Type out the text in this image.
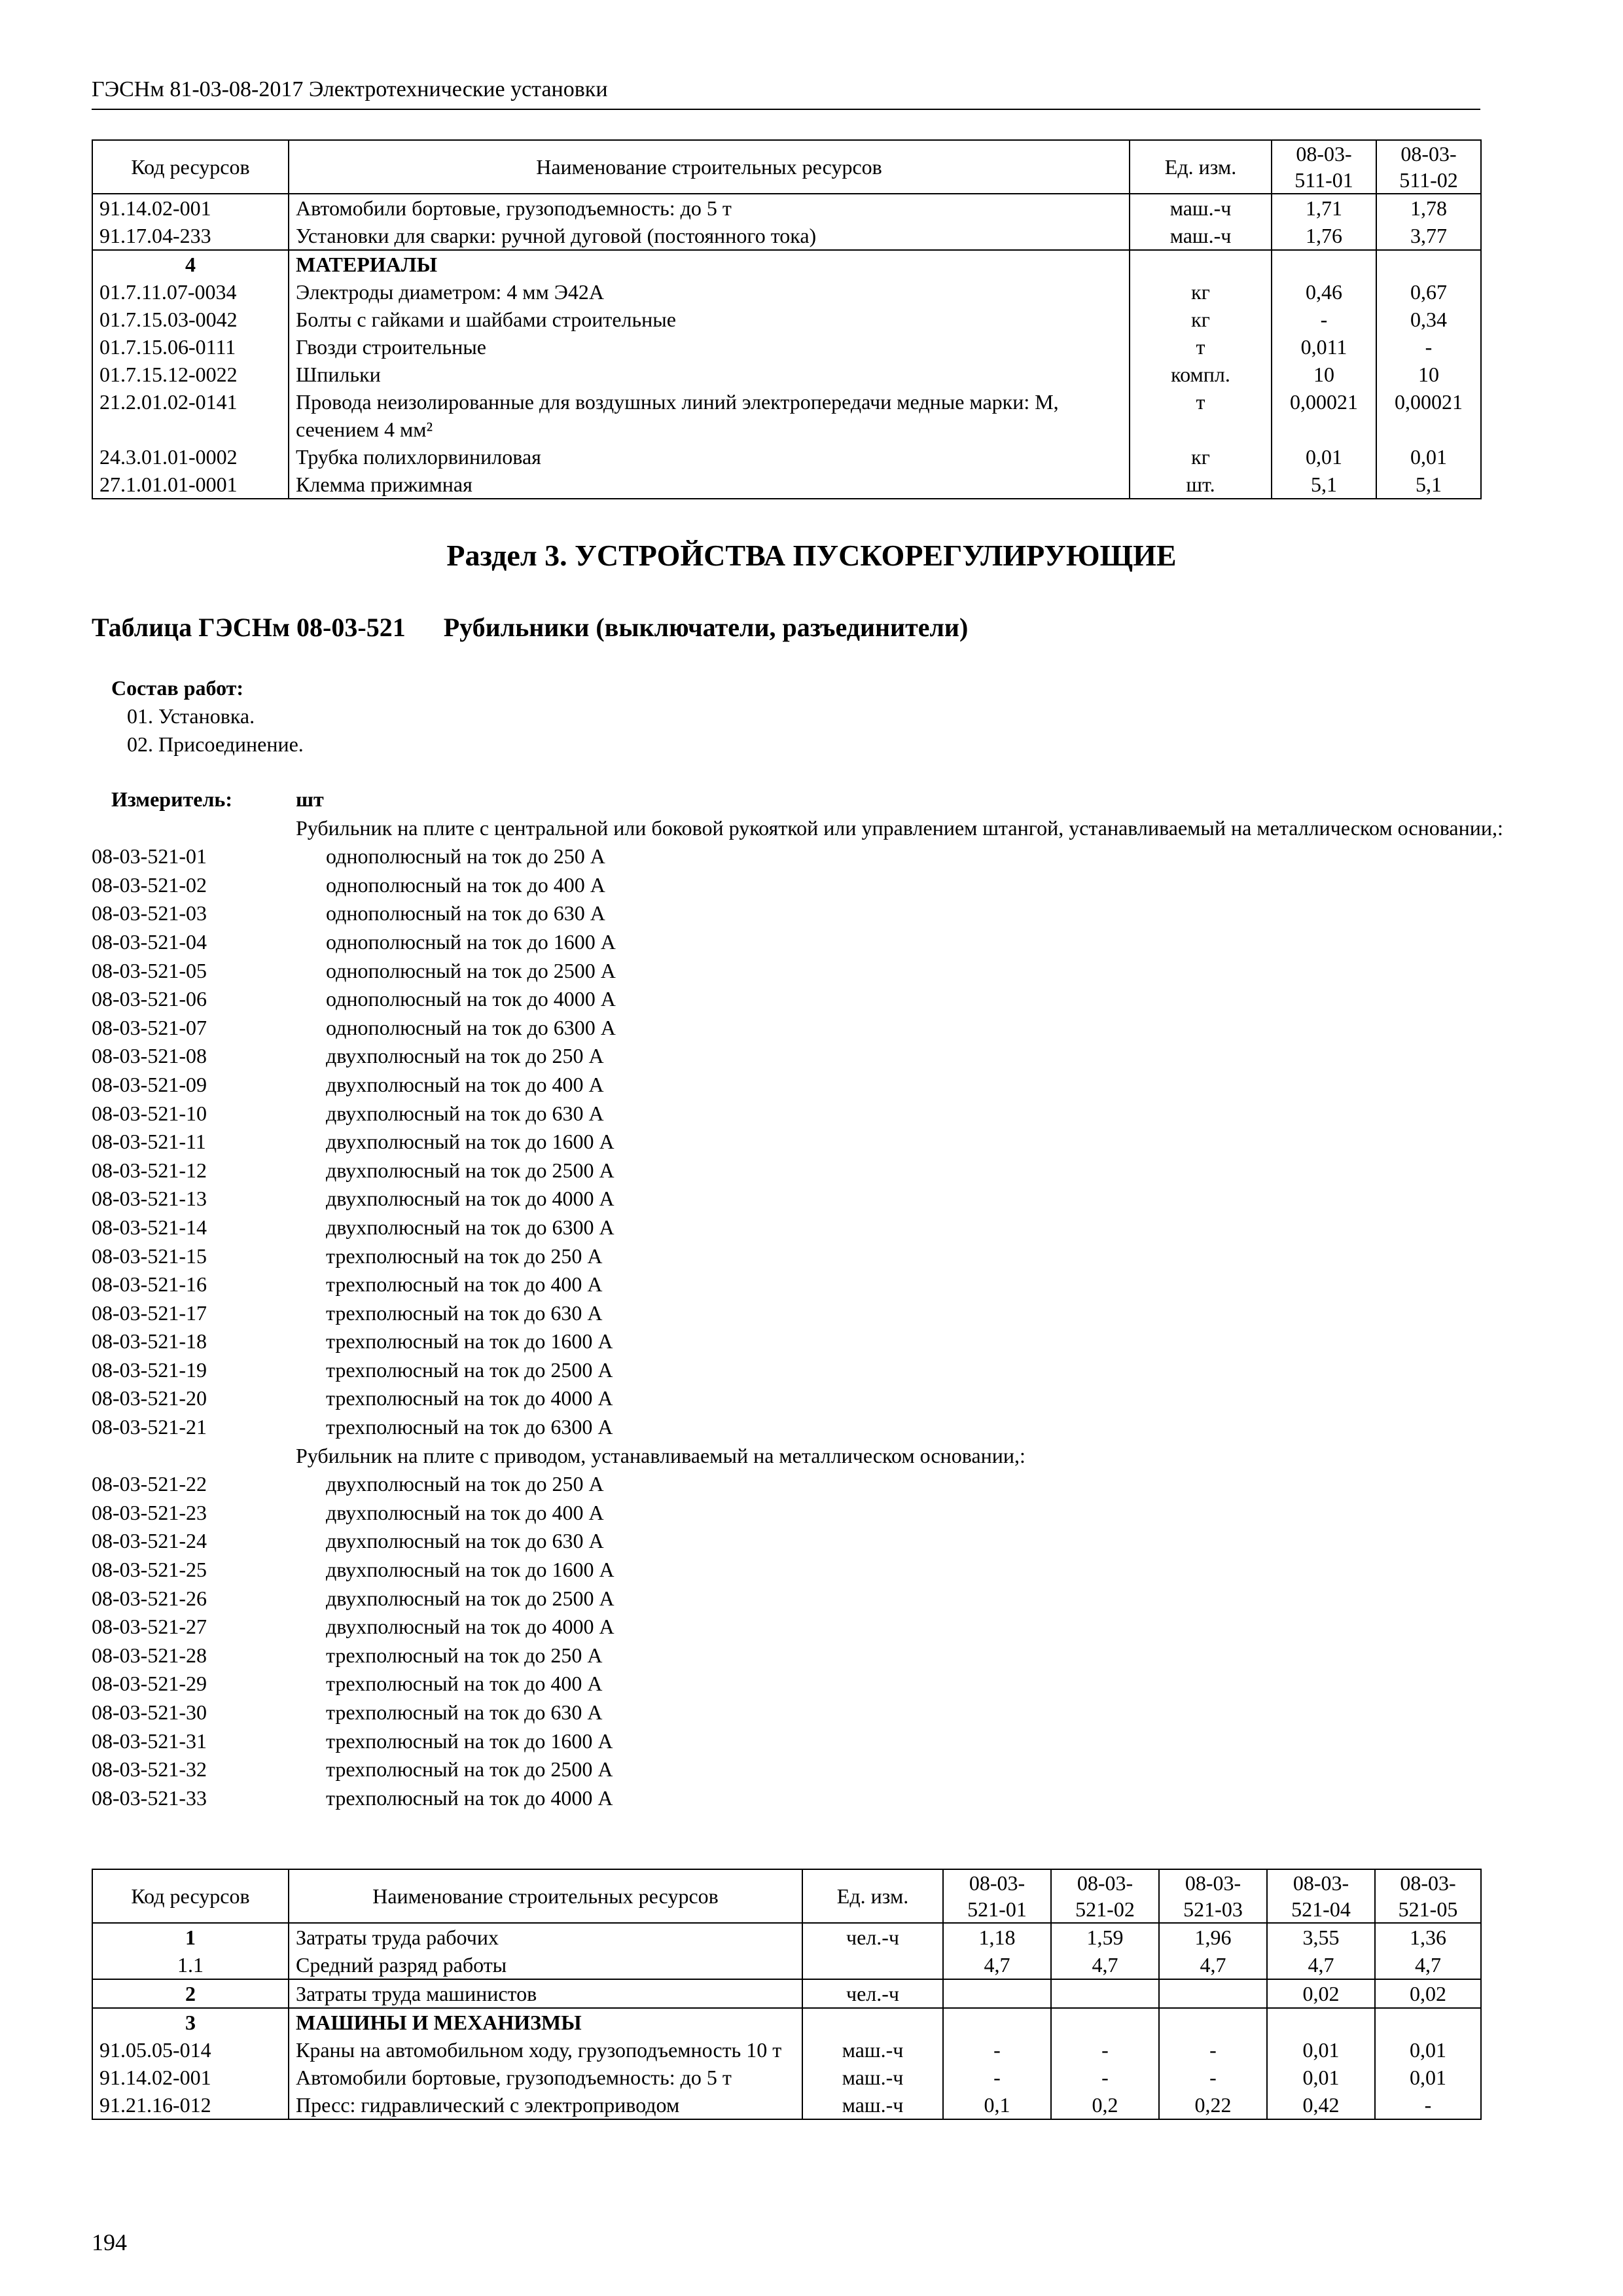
ГЭСНм 81-03-08-2017 Электротехнические установки
Код ресурсов	Наименование строительных ресурсов	Ед. изм.	08-03-511-01	08-03-511-02
91.14.02-001	Автомобили бортовые, грузоподъемность: до 5 т	маш.-ч	1,71	1,78
91.17.04-233	Установки для сварки: ручной дуговой (постоянного тока)	маш.-ч	1,76	3,77
4	МАТЕРИАЛЫ			
01.7.11.07-0034	Электроды диаметром: 4 мм Э42А	кг	0,46	0,67
01.7.15.03-0042	Болты с гайками и шайбами строительные	кг	-	0,34
01.7.15.06-0111	Гвозди строительные	т	0,011	-
01.7.15.12-0022	Шпильки	компл.	10	10
21.2.01.02-0141	Провода неизолированные для воздушных линий электропередачи медные марки: М, сечением 4 мм²	т	0,00021	0,00021
24.3.01.01-0002	Трубка полихлорвиниловая	кг	0,01	0,01
27.1.01.01-0001	Клемма прижимная	шт.	5,1	5,1
Раздел 3. УСТРОЙСТВА ПУСКОРЕГУЛИРУЮЩИЕ
Таблица ГЭСНм 08-03-521 Рубильники (выключатели, разъединители)
Состав работ:
01. Установка.
02. Присоединение.
Измеритель:	шт
Рубильник на плите с центральной или боковой рукояткой или управлением штангой, устанавливаемый на металлическом основании,:
08-03-521-01	однополюсный на ток до 250 А
08-03-521-02	однополюсный на ток до 400 А
08-03-521-03	однополюсный на ток до 630 А
08-03-521-04	однополюсный на ток до 1600 А
08-03-521-05	однополюсный на ток до 2500 А
08-03-521-06	однополюсный на ток до 4000 А
08-03-521-07	однополюсный на ток до 6300 А
08-03-521-08	двухполюсный на ток до 250 А
08-03-521-09	двухполюсный на ток до 400 А
08-03-521-10	двухполюсный на ток до 630 А
08-03-521-11	двухполюсный на ток до 1600 А
08-03-521-12	двухполюсный на ток до 2500 А
08-03-521-13	двухполюсный на ток до 4000 А
08-03-521-14	двухполюсный на ток до 6300 А
08-03-521-15	трехполюсный на ток до 250 А
08-03-521-16	трехполюсный на ток до 400 А
08-03-521-17	трехполюсный на ток до 630 А
08-03-521-18	трехполюсный на ток до 1600 А
08-03-521-19	трехполюсный на ток до 2500 А
08-03-521-20	трехполюсный на ток до 4000 А
08-03-521-21	трехполюсный на ток до 6300 А
Рубильник на плите с приводом, устанавливаемый на металлическом основании,:
08-03-521-22	двухполюсный на ток до 250 А
08-03-521-23	двухполюсный на ток до 400 А
08-03-521-24	двухполюсный на ток до 630 А
08-03-521-25	двухполюсный на ток до 1600 А
08-03-521-26	двухполюсный на ток до 2500 А
08-03-521-27	двухполюсный на ток до 4000 А
08-03-521-28	трехполюсный на ток до 250 А
08-03-521-29	трехполюсный на ток до 400 А
08-03-521-30	трехполюсный на ток до 630 А
08-03-521-31	трехполюсный на ток до 1600 А
08-03-521-32	трехполюсный на ток до 2500 А
08-03-521-33	трехполюсный на ток до 4000 А
Код ресурсов	Наименование строительных ресурсов	Ед. изм.	08-03-521-01	08-03-521-02	08-03-521-03	08-03-521-04	08-03-521-05
1	Затраты труда рабочих	чел.-ч	1,18	1,59	1,96	3,55	1,36
1.1	Средний разряд работы		4,7	4,7	4,7	4,7	4,7
2	Затраты труда машинистов	чел.-ч				0,02	0,02
3	МАШИНЫ И МЕХАНИЗМЫ						
91.05.05-014	Краны на автомобильном ходу, грузоподъемность 10 т	маш.-ч	-	-	-	0,01	0,01
91.14.02-001	Автомобили бортовые, грузоподъемность: до 5 т	маш.-ч	-	-	-	0,01	0,01
91.21.16-012	Пресс: гидравлический с электроприводом	маш.-ч	0,1	0,2	0,22	0,42	-
194
